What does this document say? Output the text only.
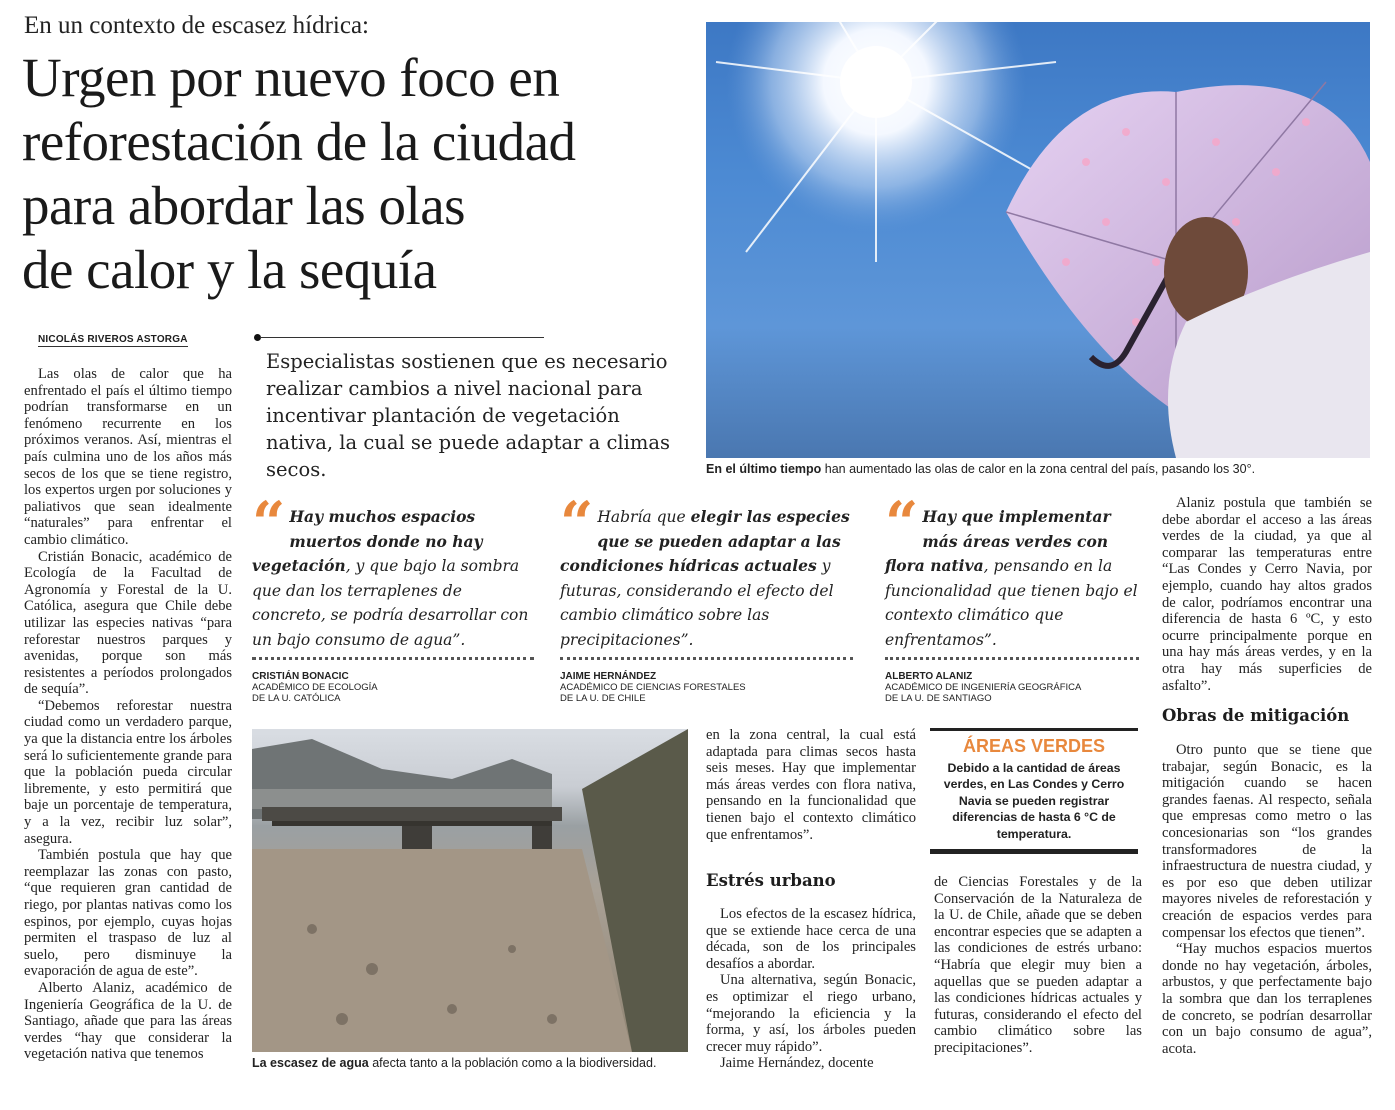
En un contexto de escasez hídrica:
Urgen por nuevo foco en
reforestación de la ciudad
para abordar las olas
de calor y la sequía
NICOLÁS RIVEROS ASTORGA
Especialistas sostienen que es necesario realizar cambios a nivel nacional para incentivar plantación de vegetación nativa, la cual se puede adaptar a climas secos.

Las olas de calor que ha enfrentado el país el último tiempo podrían transformarse en un fenómeno recurrente en los próximos veranos. Así, mientras el país culmina uno de los años más secos de los que se tiene registro, los expertos urgen por soluciones y paliativos que sean idealmente “naturales” para enfrentar el cambio climático.

Cristián Bonacic, académico de Ecología de la Facultad de Agronomía y Forestal de la U. Católica, asegura que Chile debe utilizar las especies nativas “para reforestar nuestros parques y avenidas, porque son más resistentes a períodos prolongados de sequía”.

“Debemos reforestar nuestra ciudad como un verdadero parque, ya que la distancia entre los árboles será lo suficientemente grande para que la población pueda circular libremente, y esto permitirá que baje un porcentaje de temperatura, y a la vez, recibir luz solar”, asegura.

También postula que hay que reemplazar las zonas con pasto, “que requieren gran cantidad de riego, por plantas nativas como los espinos, por ejemplo, cuyas hojas permiten el traspaso de luz al suelo, pero disminuye la evaporación de agua de este”.

Alberto Alaniz, académico de Ingeniería Geográfica de la U. de Santiago, añade que para las áreas verdes “hay que considerar la vegetación nativa que tenemos

En el último tiempo han aumentado las olas de calor en la zona central del país, pasando los 30°.
“ Hay muchos espacios muertos donde no hay vegetación, y que bajo la sombra que dan los terraplenes de concreto, se podría desarrollar con un bajo consumo de agua”.
“ Habría que elegir las especies que se pueden adaptar a las condiciones hídricas actuales y futuras, considerando el efecto del cambio climático sobre las precipitaciones”.
“ Hay que implementar más áreas verdes con flora nativa, pensando en la funcionalidad que tienen bajo el contexto climático que enfrentamos”.
CRISTIÁN BONACIC
ACADÉMICO DE ECOLOGÍA
DE LA U. CATÓLICA
JAIME HERNÁNDEZ
ACADÉMICO DE CIENCIAS FORESTALES
DE LA U. DE CHILE
ALBERTO ALANIZ
ACADÉMICO DE INGENIERÍA GEOGRÁFICA
DE LA U. DE SANTIAGO
La escasez de agua afecta tanto a la población como a la biodiversidad.

en la zona central, la cual está adaptada para climas secos hasta seis meses. Hay que implementar más áreas verdes con flora nativa, pensando en la funcionalidad que tienen bajo el contexto climático que enfrentamos”.

Estrés urbano

Los efectos de la escasez hídrica, que se extiende hace cerca de una década, son de los principales desafíos a abordar.

Una alternativa, según Bonacic, es optimizar el riego urbano, “mejorando la eficiencia y la forma, y así, los árboles pueden crecer muy rápido”.

Jaime Hernández, docente

ÁREAS VERDES
Debido a la cantidad de áreas verdes, en Las Condes y Cerro Navia se pueden registrar diferencias de hasta 6 °C de temperatura.

de Ciencias Forestales y de la Conservación de la Naturaleza de la U. de Chile, añade que se deben encontrar especies que se adapten a las condiciones de estrés urbano: “Habría que elegir muy bien a aquellas que se pueden adaptar a las condiciones hídricas actuales y futuras, considerando el efecto del cambio climático sobre las precipitaciones”.

Alaniz postula que también se debe abordar el acceso a las áreas verdes de la ciudad, ya que al comparar las temperaturas entre “Las Condes y Cerro Navia, por ejemplo, cuando hay altos grados de calor, podríamos encontrar una diferencia de hasta 6 ºC, y esto ocurre principalmente porque en una hay más áreas verdes, y en la otra hay más superficies de asfalto”.

Obras de mitigación

Otro punto que se tiene que trabajar, según Bonacic, es la mitigación cuando se hacen grandes faenas. Al respecto, señala que empresas como metro o las concesionarias son “los grandes transformadores de la infraestructura de nuestra ciudad, y es por eso que deben utilizar mayores niveles de reforestación y creación de espacios verdes para compensar los efectos que tienen”.

“Hay muchos espacios muertos donde no hay vegetación, árboles, arbustos, y que perfectamente bajo la sombra que dan los terraplenes de concreto, se podrían desarrollar con un bajo consumo de agua”, acota.
